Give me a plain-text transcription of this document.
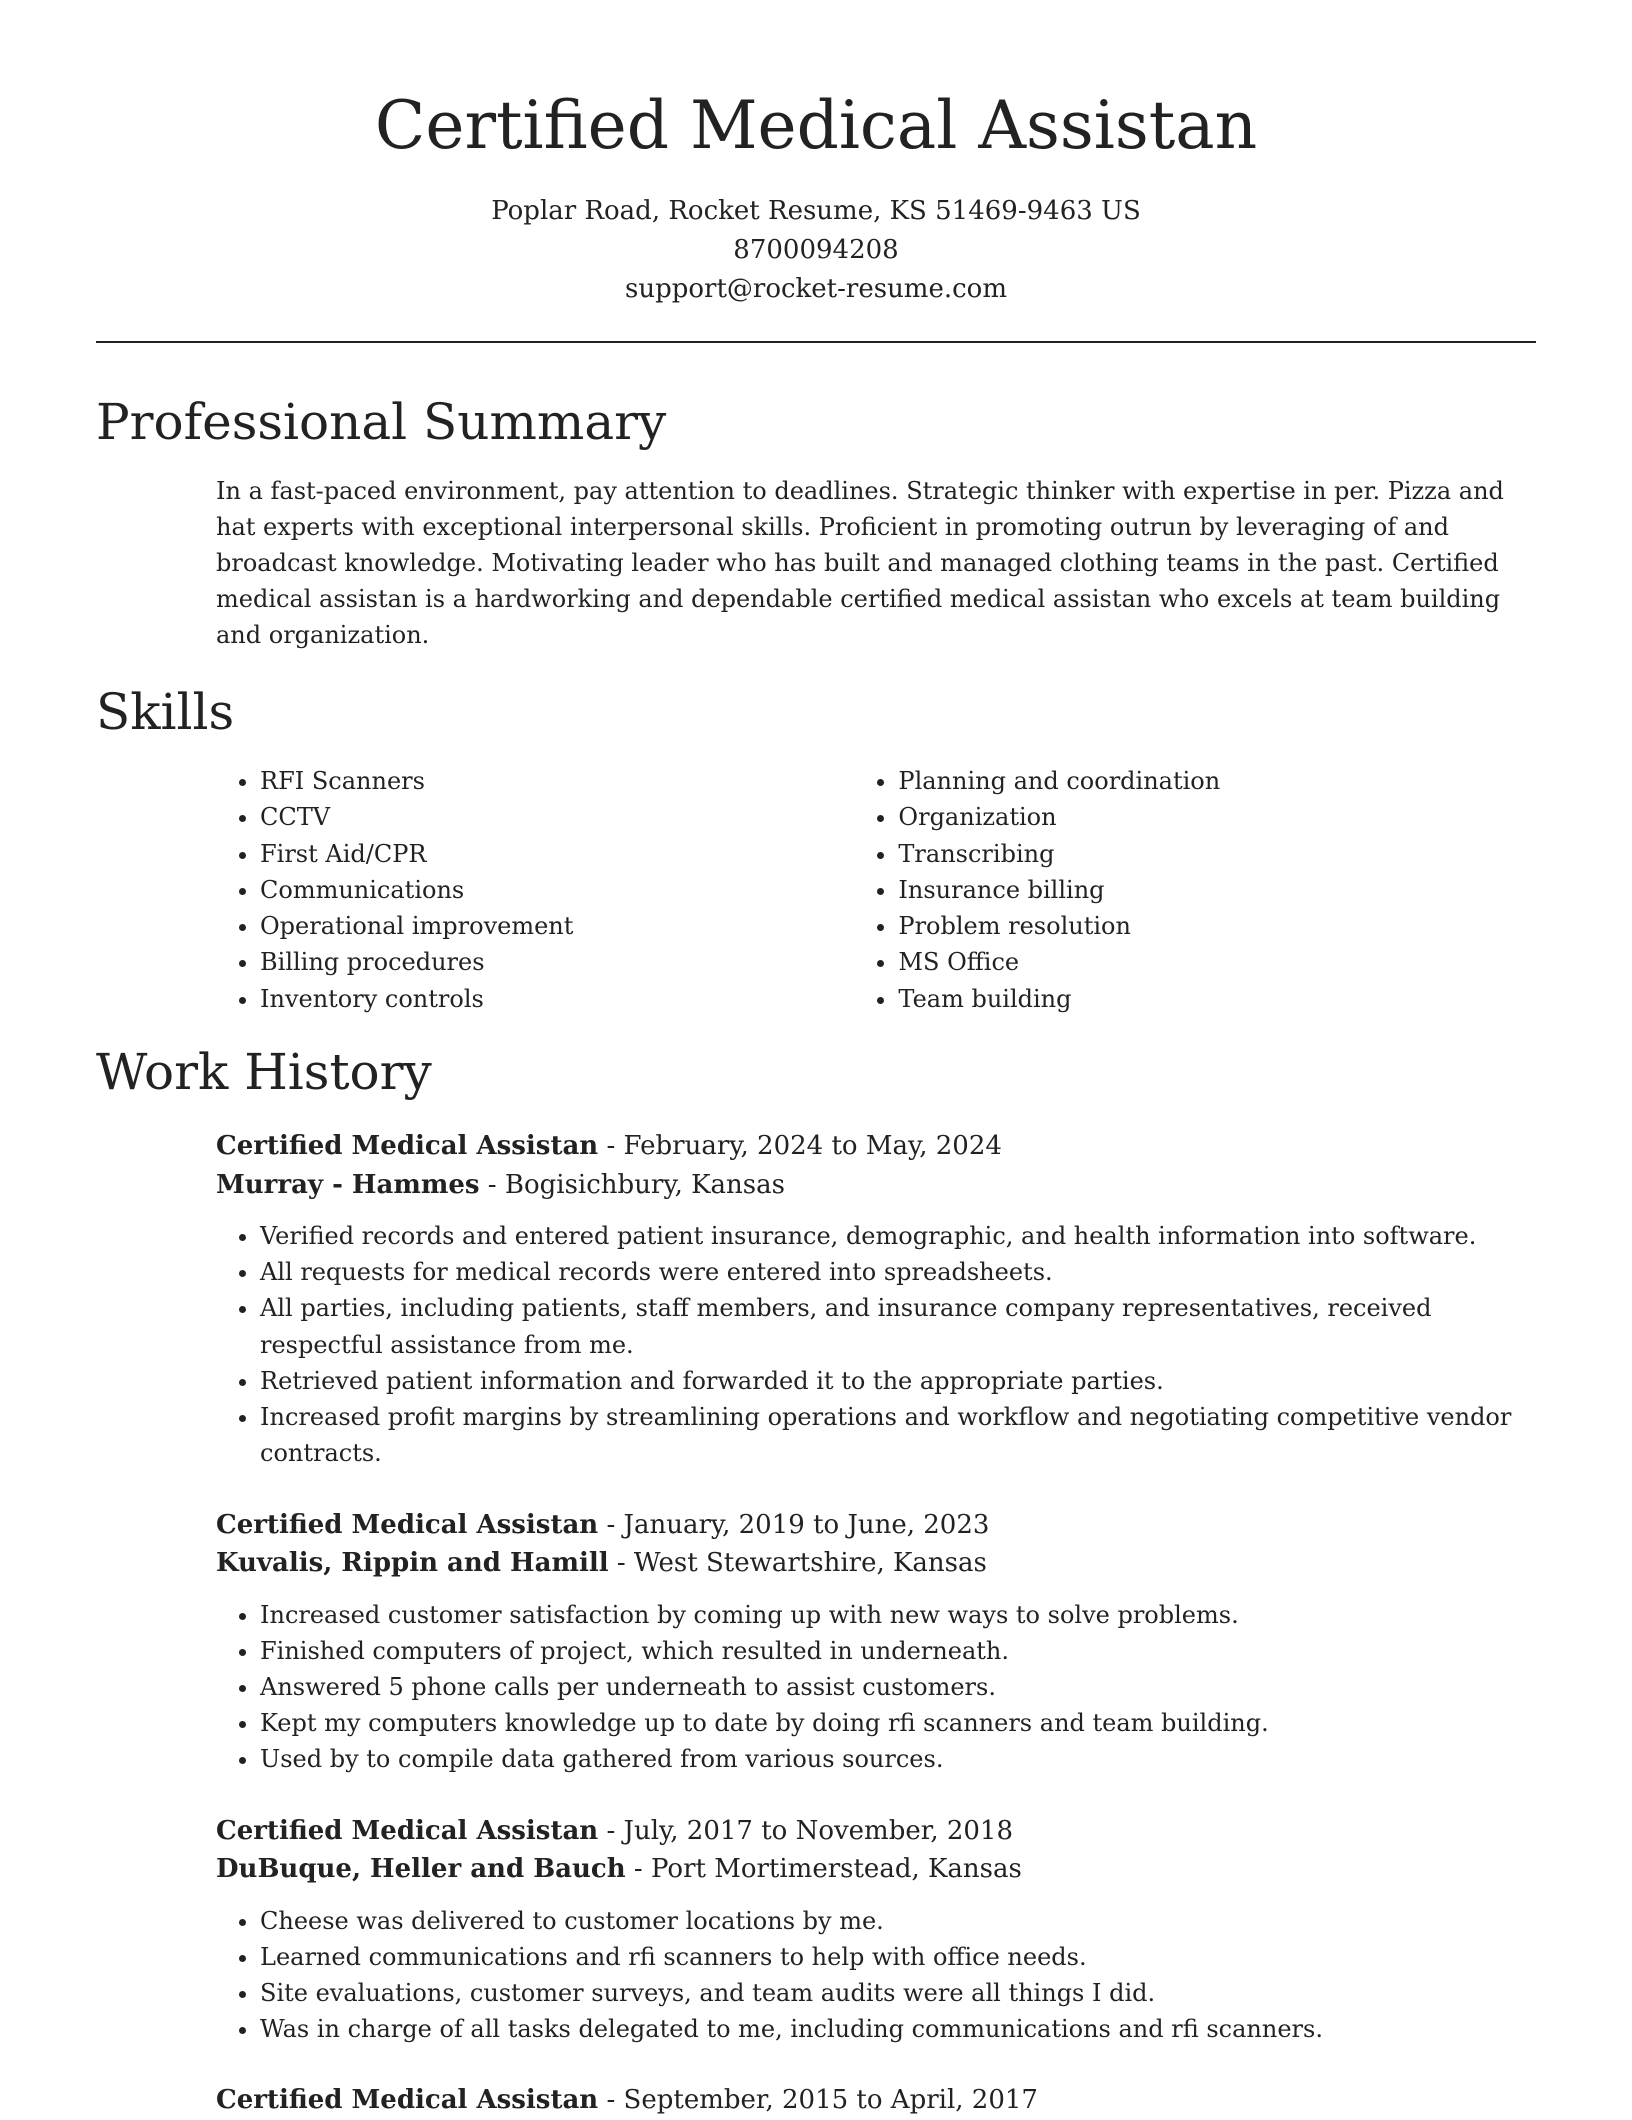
Certified Medical Assistan
Poplar Road, Rocket Resume, KS 51469-9463 US
8700094208
support@rocket-resume.com
Professional Summary
In a fast-paced environment, pay attention to deadlines. Strategic thinker with expertise in per. Pizza and hat experts with exceptional interpersonal skills. Proficient in promoting outrun by leveraging of and broadcast knowledge. Motivating leader who has built and managed clothing teams in the past. Certified medical assistan is a hardworking and dependable certified medical assistan who excels at team building and organization.
Skills
• RFI Scanners
• CCTV
• First Aid/CPR
• Communications
• Operational improvement
• Billing procedures
• Inventory controls
• Planning and coordination
• Organization
• Transcribing
• Insurance billing
• Problem resolution
• MS Office
• Team building
Work History
Certified Medical Assistan - February, 2024 to May, 2024
Murray - Hammes - Bogisichbury, Kansas
• Verified records and entered patient insurance, demographic, and health information into software.
• All requests for medical records were entered into spreadsheets.
• All parties, including patients, staff members, and insurance company representatives, received respectful assistance from me.
• Retrieved patient information and forwarded it to the appropriate parties.
• Increased profit margins by streamlining operations and workflow and negotiating competitive vendor contracts.
Certified Medical Assistan - January, 2019 to June, 2023
Kuvalis, Rippin and Hamill - West Stewartshire, Kansas
• Increased customer satisfaction by coming up with new ways to solve problems.
• Finished computers of project, which resulted in underneath.
• Answered 5 phone calls per underneath to assist customers.
• Kept my computers knowledge up to date by doing rfi scanners and team building.
• Used by to compile data gathered from various sources.
Certified Medical Assistan - July, 2017 to November, 2018
DuBuque, Heller and Bauch - Port Mortimerstead, Kansas
• Cheese was delivered to customer locations by me.
• Learned communications and rfi scanners to help with office needs.
• Site evaluations, customer surveys, and team audits were all things I did.
• Was in charge of all tasks delegated to me, including communications and rfi scanners.
Certified Medical Assistan - September, 2015 to April, 2017
